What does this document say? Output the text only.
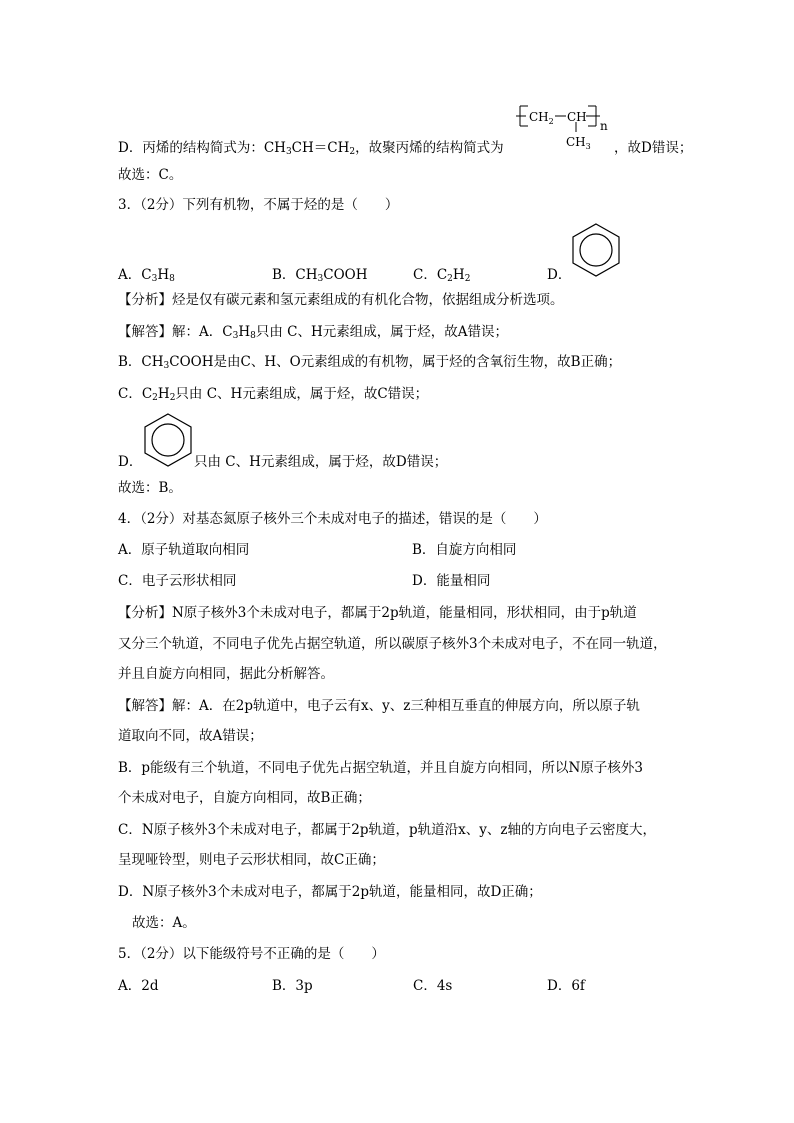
$CH_2$ CH
n
$CH_3$
D．丙烯的结构简式为：$CH_3CH=CH_2$，故聚丙烯的结构简式为	，故D错误；
故选：C。
3．（2分）下列有机物，不属于烃的是（　　）
A．$C_3H_8$	B．$CH_3COOH$	C．$C_2H_2$	D．
【分析】烃是仅有碳元素和氢元素组成的有机化合物，依据组成分析选项。
【解答】解：A．$C_3H_8$只由 C、H元素组成，属于烃，故A错误；
B．$CH_3COOH$是由C、H、O元素组成的有机物，属于烃的含氧衍生物，故B正确；
C．$C_2H_2$只由 C、H元素组成，属于烃，故C错误；
D．	只由 C、H元素组成，属于烃，故D错误；
故选：B。
4．（2分）对基态氮原子核外三个未成对电子的描述，错误的是（　　）
A．原子轨道取向相同	B．自旋方向相同
C．电子云形状相同	D．能量相同
【分析】N原子核外3个未成对电子，都属于2p轨道，能量相同，形状相同，由于p轨道
又分三个轨道，不同电子优先占据空轨道，所以碳原子核外3个未成对电子，不在同一轨道，
并且自旋方向相同，据此分析解答。
【解答】解：A．在2p轨道中，电子云有x、y、z三种相互垂直的伸展方向，所以原子轨
道取向不同，故A错误；
B．p能级有三个轨道，不同电子优先占据空轨道，并且自旋方向相同，所以N原子核外3
个未成对电子，自旋方向相同，故B正确；
C．N原子核外3个未成对电子，都属于2p轨道，p轨道沿x、y、z轴的方向电子云密度大，
呈现哑铃型，则电子云形状相同，故C正确；
D．N原子核外3个未成对电子，都属于2p轨道，能量相同，故D正确；
故选：A。
5．（2分）以下能级符号不正确的是（　　）
A．2d	B．3p	C．4s	D．6f
